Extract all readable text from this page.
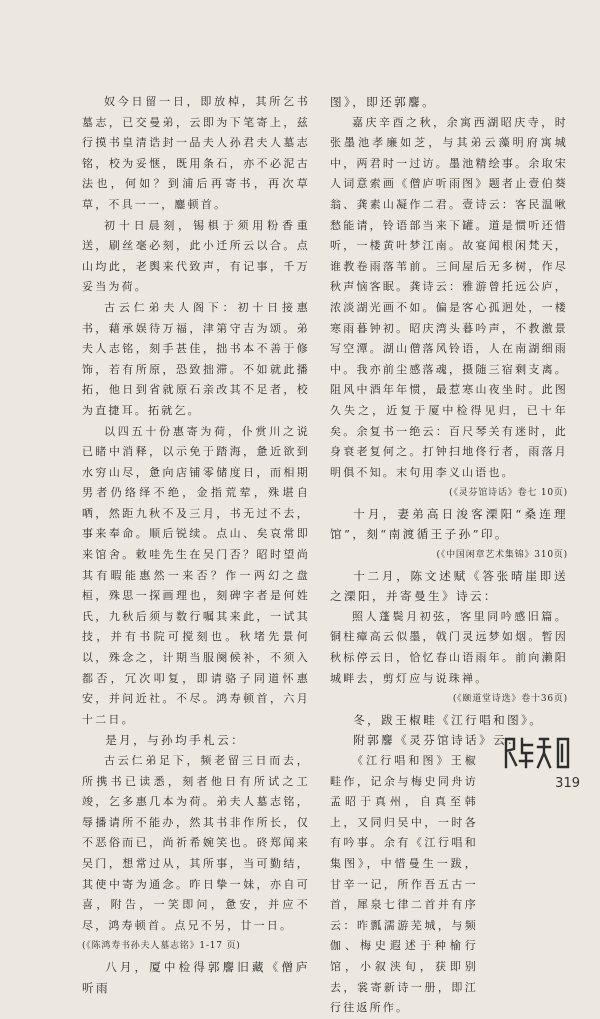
奴今日留一日，即放棹，其所乞书墓志，已交曼弟，云即为下笔寄上，兹行摸书皇清诰封一品夫人孙君夫人墓志铭，校为妥惬，既用条石，亦不必泥古法也，何如？到浦后再寄书，再次草草，不具一一，鏖顿首。

初十日晨刻，锡椇于须用粉香重送，刷丝毫必刻，此小迁所云以合。点山均此，老舆来代致声，有记事，千万妥当为荷。

古云仁弟夫人阁下：初十日接惠书，藉承娱待万福，津第守吉为颂。弟夫人志铭，刻手甚佳，拙书本不善于修饰，若有所原，恐致拙滞。不如就此播拓，他日到省就原石亲改其不足者，校为直捷耳。拓就乞。

以四五十份惠寄为荷，仆赏川之说已睹中消释，以示免于踏海，惫近欲到水穷山尽，惫向店铺零储度日，而相期男者仍络绎不绝，金指荒荤，殊堪自哂，然距九秋不及三月，书无过不去，事来奉命。顺后锐续。点山、矣哀常即来馆舍。敕哇先生在吴门否？昭时望尚其有暇能惠然一来否？作一两幻之盘桓，殊思一探画理也，刻碑字者是何姓氏，九秋后须与数行嘱其来此，一试其技，并有书院可搅刻也。秋堵先景何以，殊念之，计期当服阕候补，不须入都否，冗次叩复，即请骆子同道怀惠安，并问近社。不尽。鸿寿顿首，六月十二日。

是月，与孙均手札云：

古云仁弟足下，频老留三日而去，所携书已读悉，刻者他日有所试之工竣，乞多惠几本为荷。弟夫人墓志铭，辱播请所不能办，然其书非作所长，仅不恶俗而已，尚祈希婉笑也。䂢郑闻来吴门，想常过从，其所事，当可勤结，其使中寄为通念。昨日挚一妹，亦自可喜，附告，一笑即问，惫安，并应不尽，鸿寿顿首。点兄不另，廿一日。

(《陈鸿寿书孙夫人墓志铭》1-17 页)

八月，厦中检得郭麐旧藏《僧庐听雨

图》，即还郭麐。

嘉庆辛酉之秋，余寓西湖昭庆寺，时张墨池孝廉如芝，与其弟云藻明府寓城中，两君时一过访。墨池精绘事。余取宋人词意索画《僧庐听雨图》题者止壹伯葵翁、龚素山凝作二君。壹诗云：客民温啾愁能请，铃语部当来下罐。道是惯听还惜听，一楼黄叶梦江南。故宴闻根闲梵天，谁教卷雨落苇前。三间屋后无多树，作尽秋声恼客眠。龚诗云：雅游曾托远公庐，浓淡湖光画不如。偏是客心孤迥处，一楼寒雨暮钟初。昭庆湾头暮吟声，不教激景写空潭。湖山僧落风铃语，人在南湖细雨中。我亦前尘感落魂，摄随三宿剩支离。阻风中酒年年惯，最惹寒山夜坐时。此图久失之，近复于厦中检得见归，已十年矣。余复书一绝云：百尺琴关有迷时，此身衰老复何之。打钟扫地佟行者，雨落月明俱不知。末句用李义山语也。

(《灵芬馆诗话》卷七 10页)

十月，妻弟高日浚客溧阳“桑连理馆”，刻“南渡循王子孙”印。

(《中国闲章艺术集锦》310页)

十二月，陈文述赋《答张晴崖即送之溧阳，并寄曼生》诗云：

照人蓬鬓月初弦，客里同吟感旧篇。铜柱瘴高云似墨，戟门灵远梦如烟。暂因秋标停云日，恰忆春山语雨年。前向濑阳城畔去，剪灯应与说珠禅。

(《颐道堂诗选》卷十36页)

冬，跋王椒畦《江行唱和图》。

附郭麐《灵芬馆诗话》云：

《江行唱和图》王椒畦作，记余与梅史同舟访孟昭于真州，自真至韩上，又同归吴中，一时各有吟事。余有《江行唱和集图》，中惜曼生一跋，甘辛一记，所作吾五古一首，犀泉七律二首并有序云：昨瓢濡游芜城，与频伽、梅史遐述于种榆行馆，小叙浃旬，获即别去，裳寄新诗一册，即江行往返所作。

319
